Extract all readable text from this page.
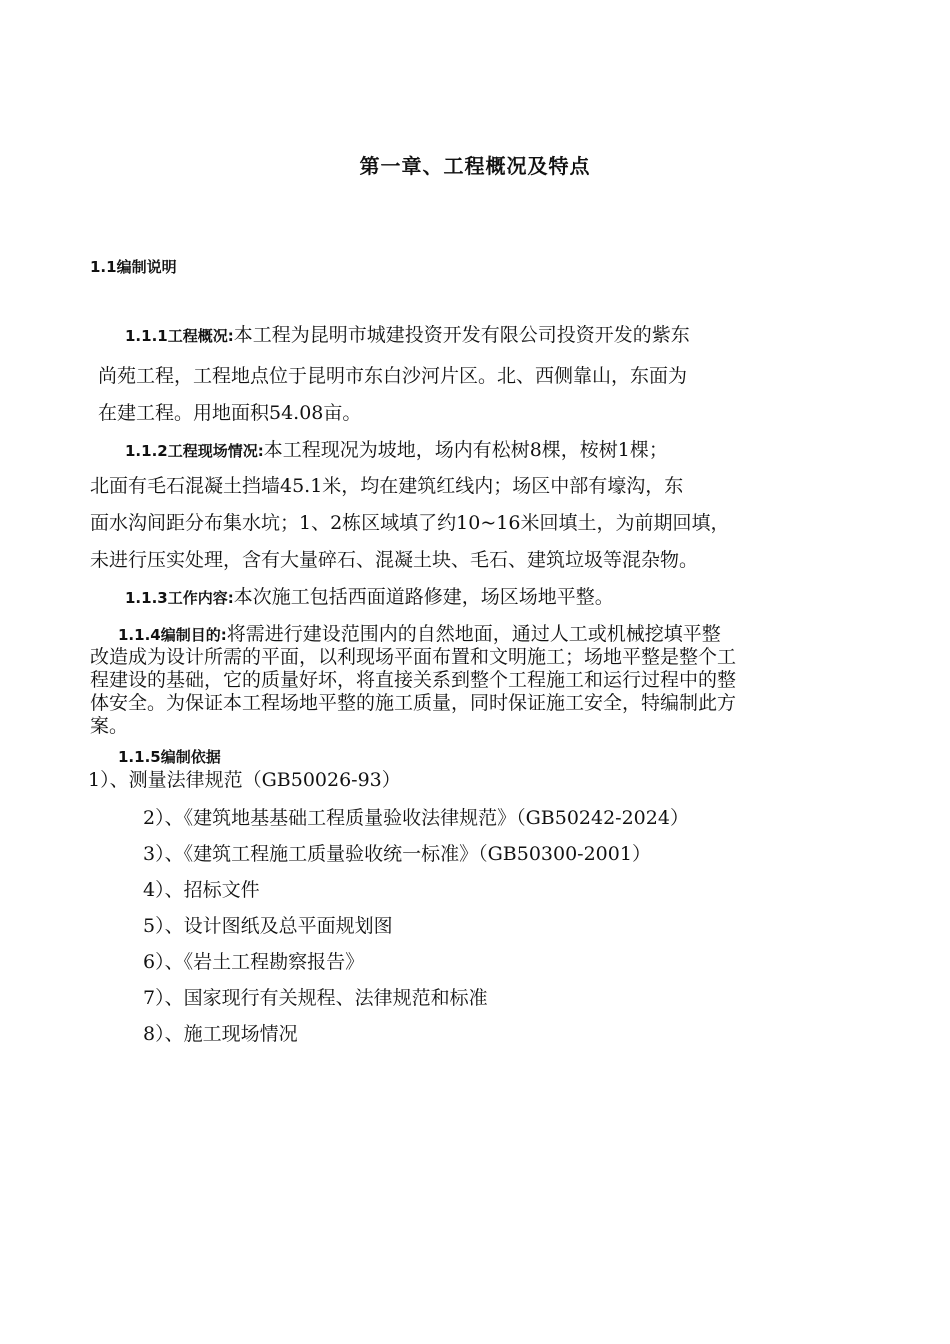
第一章、工程概况及特点
1.1编制说明
1.1.1工程概况:本工程为昆明市城建投资开发有限公司投资开发的紫东
尚苑工程，工程地点位于昆明市东白沙河片区。北、西侧靠山，东面为
在建工程。用地面积54.08亩。
1.1.2工程现场情况:本工程现况为坡地，场内有松树8棵，桉树1棵；
北面有毛石混凝土挡墙45.1米，均在建筑红线内；场区中部有壕沟，东
面水沟间距分布集水坑；1、2栋区域填了约10~16米回填土，为前期回填，
未进行压实处理，含有大量碎石、混凝土块、毛石、建筑垃圾等混杂物。
1.1.3工作内容:本次施工包括西面道路修建，场区场地平整。
1.1.4编制目的:将需进行建设范围内的自然地面，通过人工或机械挖填平整
改造成为设计所需的平面，以利现场平面布置和文明施工；场地平整是整个工
程建设的基础，它的质量好坏，将直接关系到整个工程施工和运行过程中的整
体安全。为保证本工程场地平整的施工质量，同时保证施工安全，特编制此方
案。
1.1.5编制依据
1）、测量法律规范（GB50026-93）
2）、《建筑地基基础工程质量验收法律规范》（GB50242-2024）
3）、《建筑工程施工质量验收统一标准》（GB50300-2001）
4）、招标文件
5）、设计图纸及总平面规划图
6）、《岩土工程勘察报告》
7）、国家现行有关规程、法律规范和标准
8）、施工现场情况
